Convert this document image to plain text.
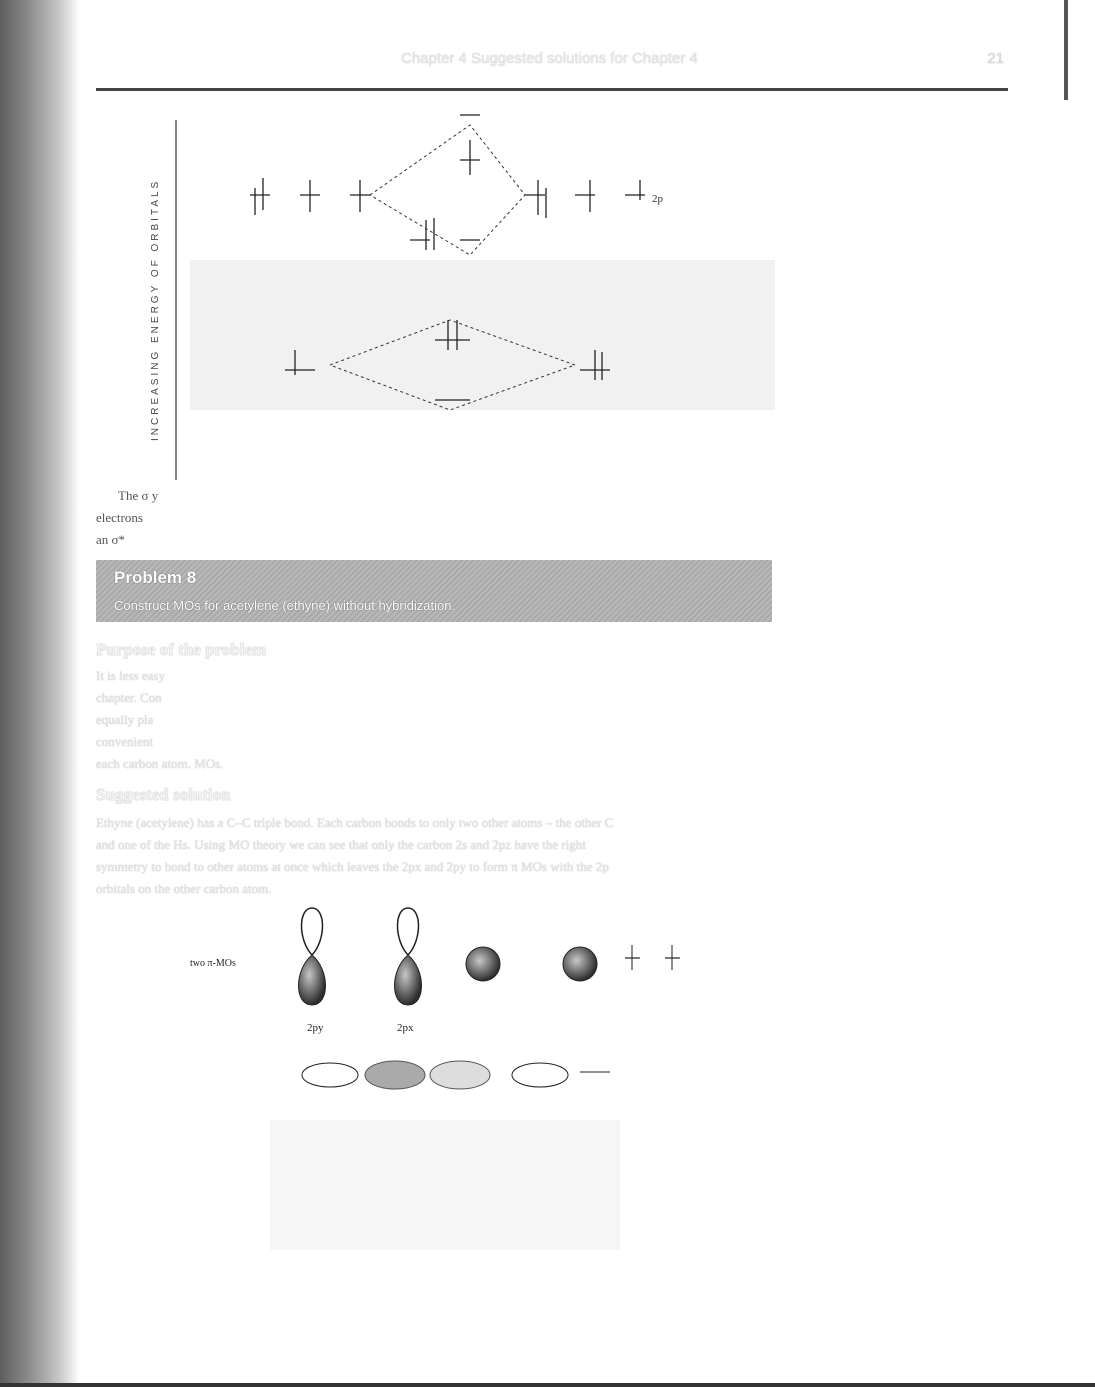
Chapter 4 Suggested solutions for Chapter 4	21
INCREASING ENERGY OF ORBITALS	2p
The σ y
electrons
an σ*
Problem 8
Construct MOs for acetylene (ethyne) without hybridization.
Purpose of the problem
It is less easy
chapter. Con
equally pla
convenient
each carbon atom. MOs.
Suggested solution
Ethyne (acetylene) has a C–C triple bond. Each carbon bonds to only two other atoms – the other C
and one of the Hs. Using MO theory we can see that only the carbon 2s and 2pz have the right
symmetry to bond to other atoms at once which leaves the 2px and 2py to form π MOs with the 2p
orbitals on the other carbon atom.
two π-MOs
2py	2px
